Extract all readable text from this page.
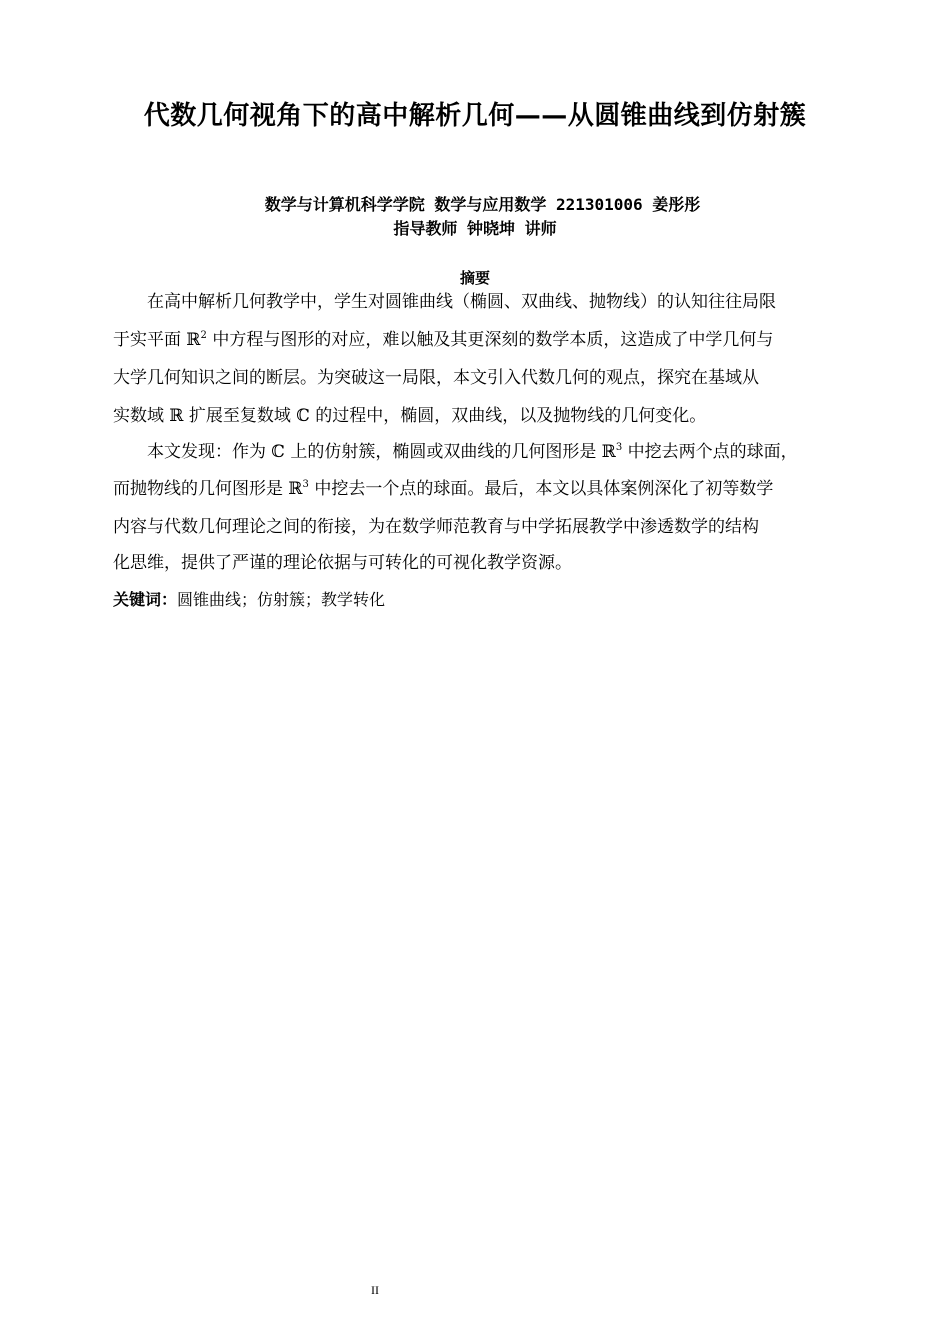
代数几何视角下的高中解析几何——从圆锥曲线到仿射簇
数学与计算机科学学院 数学与应用数学 221301006 姜彤彤
指导教师 钟晓坤 讲师
摘要
在高中解析几何教学中，学生对圆锥曲线（椭圆、双曲线、抛物线）的认知往往局限
于实平面 ℝ$^2$ 中方程与图形的对应，难以触及其更深刻的数学本质，这造成了中学几何与
大学几何知识之间的断层。为突破这一局限，本文引入代数几何的观点，探究在基域从
实数域 ℝ 扩展至复数域 ℂ 的过程中，椭圆，双曲线，以及抛物线的几何变化。
本文发现：作为 ℂ 上的仿射簇，椭圆或双曲线的几何图形是 ℝ$^3$ 中挖去两个点的球面，
而抛物线的几何图形是 ℝ$^3$ 中挖去一个点的球面。最后，本文以具体案例深化了初等数学
内容与代数几何理论之间的衔接，为在数学师范教育与中学拓展教学中渗透数学的结构
化思维，提供了严谨的理论依据与可转化的可视化教学资源。
关键词：圆锥曲线；仿射簇；教学转化
II
